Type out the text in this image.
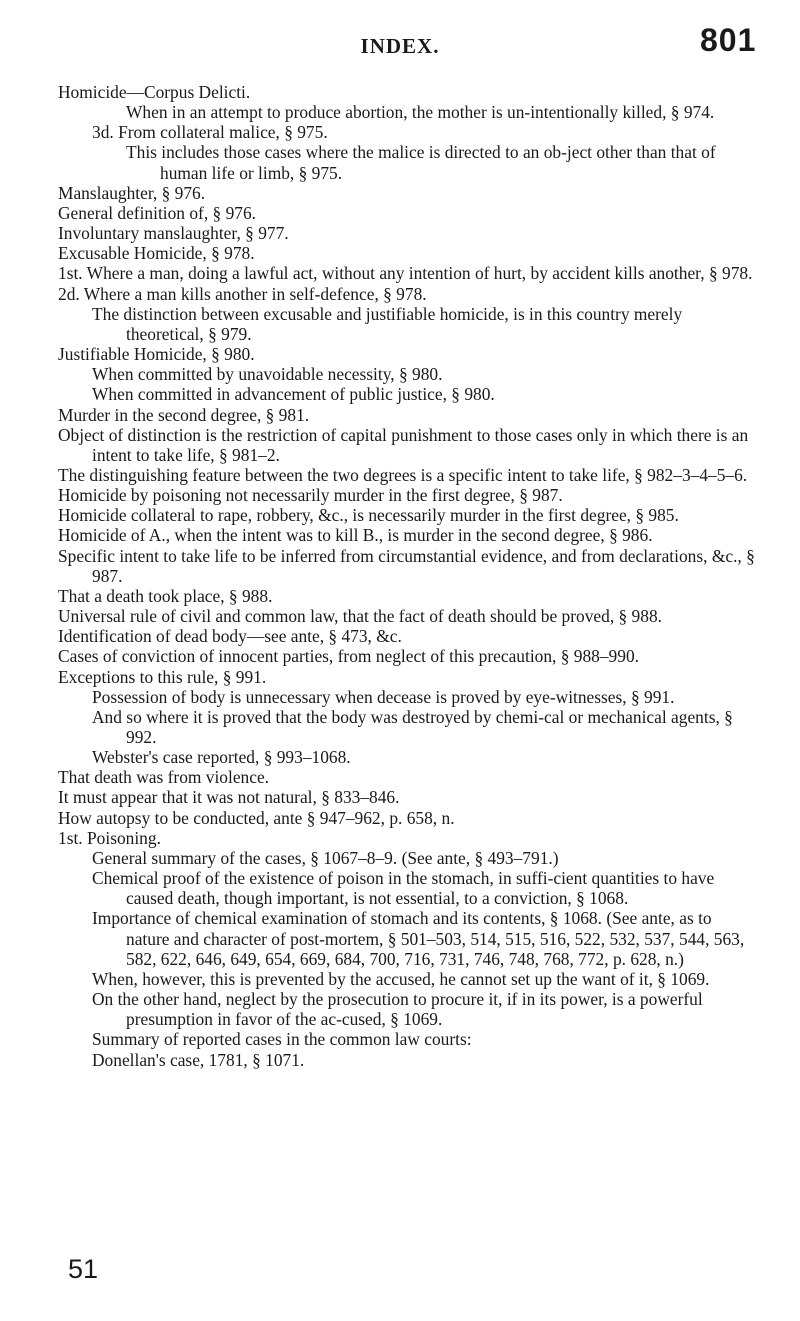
INDEX.	801
Homicide—Corpus Delicti.
When in an attempt to produce abortion, the mother is un-intentionally killed, § 974.
3d. From collateral malice, § 975.
This includes those cases where the malice is directed to an ob-ject other than that of human life or limb, § 975.
Manslaughter, § 976.
General definition of, § 976.
Involuntary manslaughter, § 977.
Excusable Homicide, § 978.
1st. Where a man, doing a lawful act, without any intention of hurt, by accident kills another, § 978.
2d. Where a man kills another in self-defence, § 978.
The distinction between excusable and justifiable homicide, is in this country merely theoretical, § 979.
Justifiable Homicide, § 980.
When committed by unavoidable necessity, § 980.
When committed in advancement of public justice, § 980.
Murder in the second degree, § 981.
Object of distinction is the restriction of capital punishment to those cases only in which there is an intent to take life, § 981–2.
The distinguishing feature between the two degrees is a specific intent to take life, § 982–3–4–5–6.
Homicide by poisoning not necessarily murder in the first degree, § 987.
Homicide collateral to rape, robbery, &c., is necessarily murder in the first degree, § 985.
Homicide of A., when the intent was to kill B., is murder in the second degree, § 986.
Specific intent to take life to be inferred from circumstantial evidence, and from declarations, &c., § 987.
That a death took place, § 988.
Universal rule of civil and common law, that the fact of death should be proved, § 988.
Identification of dead body—see ante, § 473, &c.
Cases of conviction of innocent parties, from neglect of this precaution, § 988–990.
Exceptions to this rule, § 991.
Possession of body is unnecessary when decease is proved by eye-witnesses, § 991.
And so where it is proved that the body was destroyed by chemi-cal or mechanical agents, § 992.
Webster's case reported, § 993–1068.
That death was from violence.
It must appear that it was not natural, § 833–846.
How autopsy to be conducted, ante § 947–962, p. 658, n.
1st. Poisoning.
General summary of the cases, § 1067–8–9. (See ante, § 493–791.)
Chemical proof of the existence of poison in the stomach, in suffi-cient quantities to have caused death, though important, is not essential, to a conviction, § 1068.
Importance of chemical examination of stomach and its contents, § 1068. (See ante, as to nature and character of post-mortem, § 501–503, 514, 515, 516, 522, 532, 537, 544, 563, 582, 622, 646, 649, 654, 669, 684, 700, 716, 731, 746, 748, 768, 772, p. 628, n.)
When, however, this is prevented by the accused, he cannot set up the want of it, § 1069.
On the other hand, neglect by the prosecution to procure it, if in its power, is a powerful presumption in favor of the ac-cused, § 1069.
Summary of reported cases in the common law courts:
Donellan's case, 1781, § 1071.
51
